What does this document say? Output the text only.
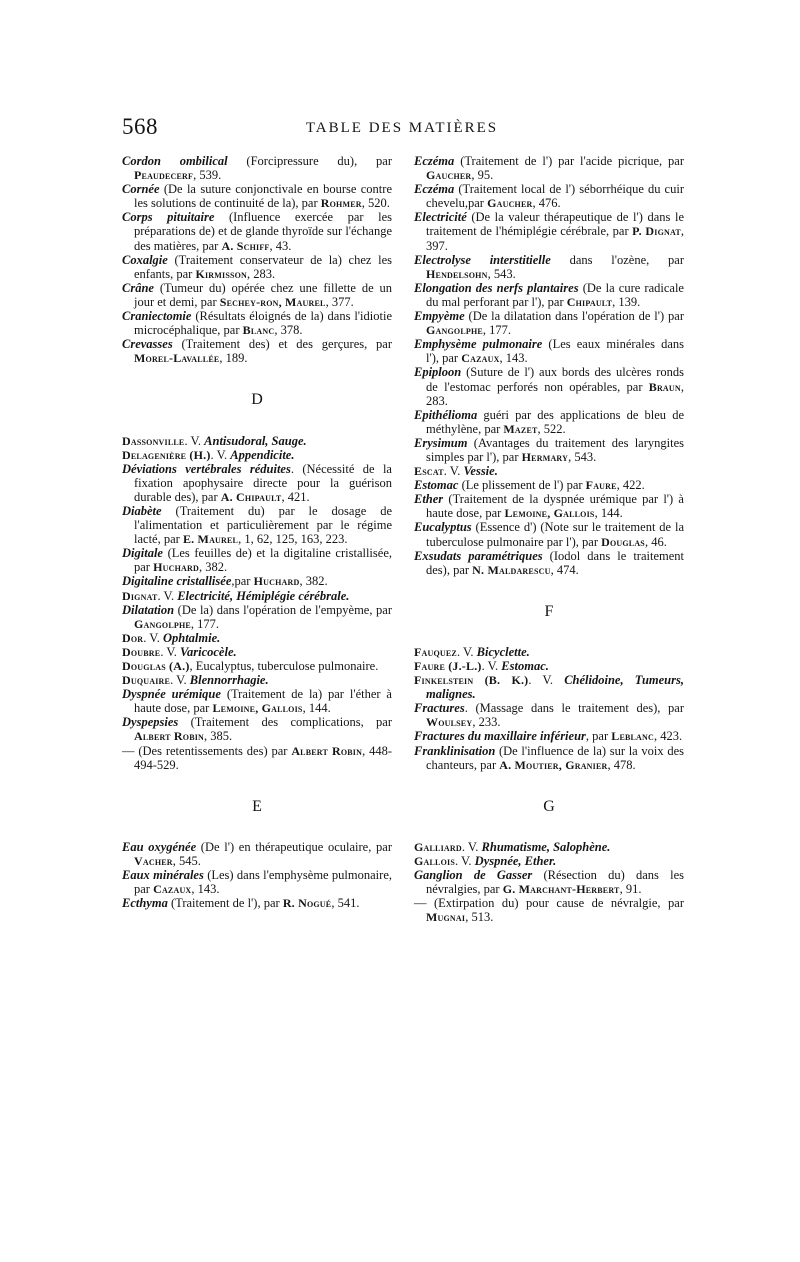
568	TABLE DES MATIÈRES

Cordon ombilical (Forcipressure du), par Peaudecerf, 539.

Cornée (De la suture conjonctivale en bourse contre les solutions de continuité de la), par Rohmer, 520.

Corps pituitaire (Influence exercée par les préparations de) et de glande thyroïde sur l'échange des matières, par A. Schiff, 43.

Coxalgie (Traitement conservateur de la) chez les enfants, par Kirmisson, 283.

Crâne (Tumeur du) opérée chez une fillette de un jour et demi, par Sechey-ron, Maurel, 377.

Craniectomie (Résultats éloignés de la) dans l'idiotie microcéphalique, par Blanc, 378.

Crevasses (Traitement des) et des gerçures, par Morel-Lavallée, 189.

D

Dassonville. V. Antisudoral, Sauge.

Delagenière (H.). V. Appendicite.

Déviations vertébrales réduites. (Nécessité de la fixation apophysaire directe pour la guérison durable des), par A. Chipault, 421.

Diabète (Traitement du) par le dosage de l'alimentation et particulièrement par le régime lacté, par E. Maurel, 1, 62, 125, 163, 223.

Digitale (Les feuilles de) et la digitaline cristallisée, par Huchard, 382.

Digitaline cristallisée,par Huchard, 382.

Dignat. V. Electricité, Hémiplégie cérébrale.

Dilatation (De la) dans l'opération de l'empyème, par Gangolphe, 177.

Dor. V. Ophtalmie.

Doubre. V. Varicocèle.

Douglas (A.), Eucalyptus, tuberculose pulmonaire.

Duquaire. V. Blennorrhagie.

Dyspnée urémique (Traitement de la) par l'éther à haute dose, par Lemoine, Gallois, 144.

Dyspepsies (Traitement des complications, par Albert Robin, 385.

— (Des retentissements des) par Albert Robin, 448-494-529.

E

Eau oxygénée (De l') en thérapeutique oculaire, par Vacher, 545.

Eaux minérales (Les) dans l'emphysème pulmonaire, par Cazaux, 143.

Ecthyma (Traitement de l'), par R. Nogué, 541.

Eczéma (Traitement de l') par l'acide picrique, par Gaucher, 95.

Eczéma (Traitement local de l') séborrhéique du cuir chevelu,par Gaucher, 476.

Electricité (De la valeur thérapeutique de l') dans le traitement de l'hémiplégie cérébrale, par P. Dignat, 397.

Electrolyse interstitielle dans l'ozène, par Hendelsohn, 543.

Elongation des nerfs plantaires (De la cure radicale du mal perforant par l'), par Chipault, 139.

Empyème (De la dilatation dans l'opération de l') par Gangolphe, 177.

Emphysème pulmonaire (Les eaux minérales dans l'), par Cazaux, 143.

Epiploon (Suture de l') aux bords des ulcères ronds de l'estomac perforés non opérables, par Braun, 283.

Epithélioma guéri par des applications de bleu de méthylène, par Mazet, 522.

Erysimum (Avantages du traitement des laryngites simples par l'), par Hermary, 543.

Escat. V. Vessie.

Estomac (Le plissement de l') par Faure, 422.

Ether (Traitement de la dyspnée urémique par l') à haute dose, par Lemoine, Gallois, 144.

Eucalyptus (Essence d') (Note sur le traitement de la tuberculose pulmonaire par l'), par Douglas, 46.

Exsudats paramétriques (Iodol dans le traitement des), par N. Maldarescu, 474.

F

Fauquez. V. Bicyclette.

Faure (J.-L.). V. Estomac.

Finkelstein (B. K.). V. Chélidoine, Tumeurs, malignes.

Fractures. (Massage dans le traitement des), par Woulsey, 233.

Fractures du maxillaire inférieur, par Leblanc, 423.

Franklinisation (De l'influence de la) sur la voix des chanteurs, par A. Moutier, Granier, 478.

G

Galliard. V. Rhumatisme, Salophène.

Gallois. V. Dyspnée, Ether.

Ganglion de Gasser (Résection du) dans les névralgies, par G. Marchant-Herbert, 91.

— (Extirpation du) pour cause de névralgie, par Mugnai, 513.
